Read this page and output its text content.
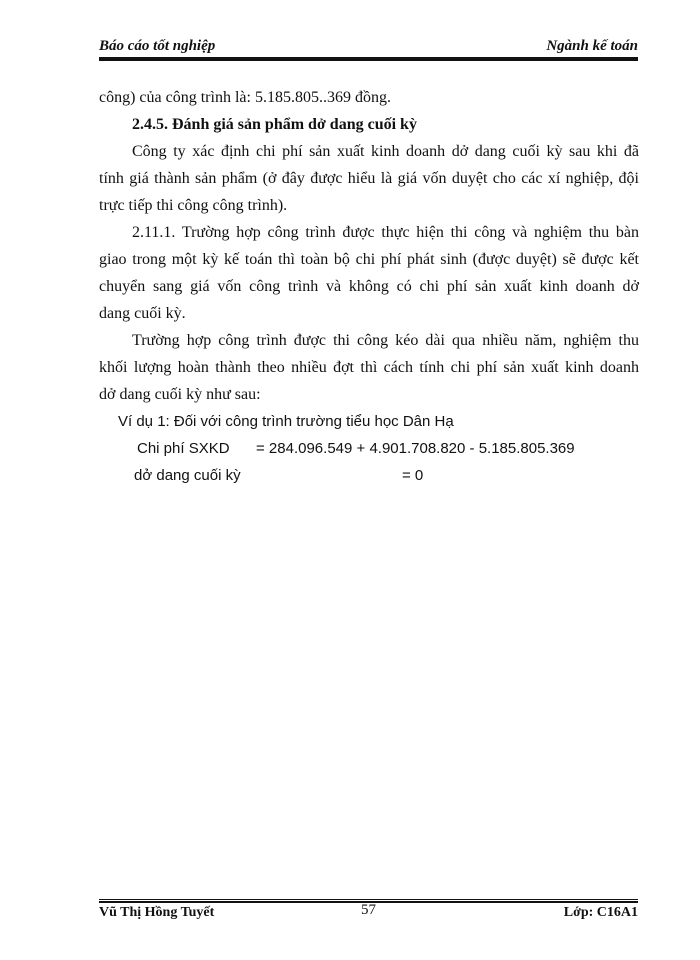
Báo cáo tốt nghiệp	Ngành kế toán
công) của công trình là: 5.185.805..369 đồng.
2.4.5. Đánh giá sản phẩm dở dang cuối kỳ
Công ty xác định chi phí sản xuất kinh doanh dở dang cuối kỳ sau khi đã
tính giá thành sản phẩm (ở đây được hiểu là giá vốn duyệt cho các xí nghiệp, đội
trực tiếp thi công công trình).
2.11.1. Trường hợp công trình được thực hiện thi công và nghiệm thu bàn
giao trong một kỳ kế toán thì toàn bộ chi phí phát sinh (được duyệt) sẽ được kết
chuyển sang giá vốn công trình và không có chi phí sản xuất kinh doanh dở
dang cuối kỳ.
Trường hợp công trình được thi công kéo dài qua nhiều năm, nghiệm thu
khối lượng hoàn thành theo nhiều đợt thì cách tính chi phí sản xuất kinh doanh
dở dang cuối kỳ như sau:
Ví dụ 1: Đối với công trình trường tiểu học Dân Hạ
Chi phí SXKD = 284.096.549 + 4.901.708.820 - 5.185.805.369
dở dang cuối kỳ	= 0
Vũ Thị Hồng Tuyết	57	Lớp: C16A1
